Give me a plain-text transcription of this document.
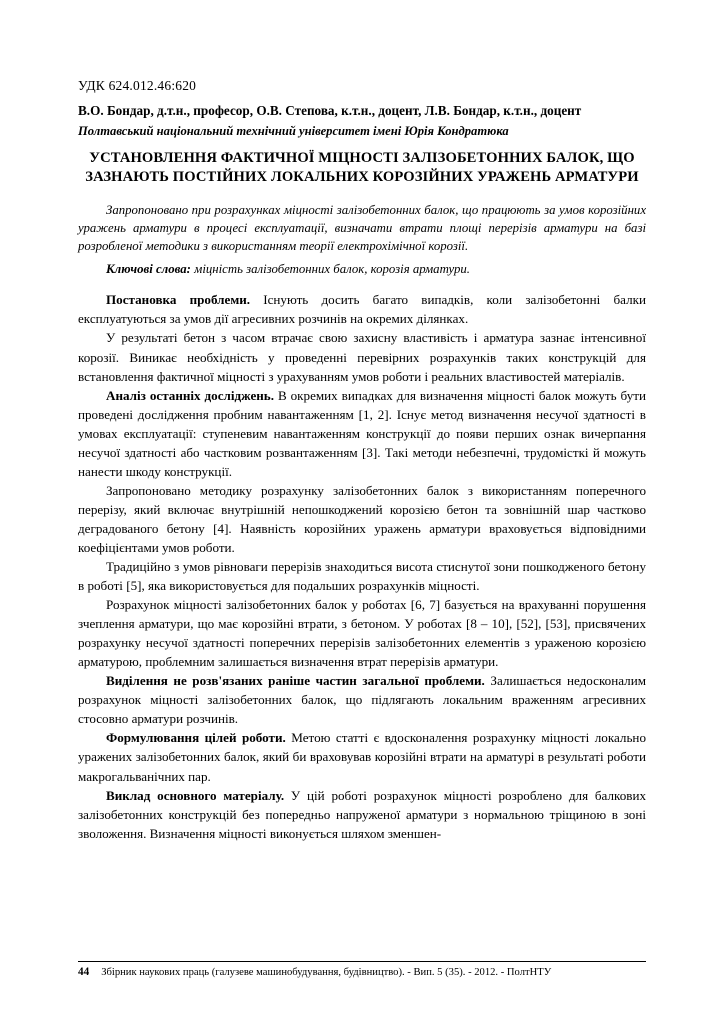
УДК 624.012.46:620
В.О. Бондар, д.т.н., професор, О.В. Степова, к.т.н., доцент, Л.В. Бондар, к.т.н., доцент
Полтавський національний технічний університет імені Юрія Кондратюка
УСТАНОВЛЕННЯ ФАКТИЧНОЇ МІЦНОСТІ ЗАЛІЗОБЕТОННИХ БАЛОК, ЩО ЗАЗНАЮТЬ ПОСТІЙНИХ ЛОКАЛЬНИХ КОРОЗІЙНИХ УРАЖЕНЬ АРМАТУРИ
Запропоновано при розрахунках міцності залізобетонних балок, що працюють за умов корозійних уражень арматури в процесі експлуатації, визначати втрати площі перерізів арматури на базі розробленої методики з використанням теорії електрохімічної корозії.
Ключові слова: міцність залізобетонних балок, корозія арматури.

Постановка проблеми. Існують досить багато випадків, коли залізобетонні балки експлуатуються за умов дії агресивних розчинів на окремих ділянках.

У результаті бетон з часом втрачає свою захисну властивість і арматура зазнає інтенсивної корозії. Виникає необхідність у проведенні перевірних розрахунків таких конструкцій для встановлення фактичної міцності з урахуванням умов роботи і реальних властивостей матеріалів.

Аналіз останніх досліджень. В окремих випадках для визначення міцності балок можуть бути проведені дослідження пробним навантаженням [1, 2]. Існує метод визначення несучої здатності в умовах експлуатації: ступеневим навантаженням конструкції до появи перших ознак вичерпання несучої здатності або частковим розвантаженням [3]. Такі методи небезпечні, трудомісткі й можуть нанести шкоду конструкції.

Запропоновано методику розрахунку залізобетонних балок з використанням поперечного перерізу, який включає внутрішній непошкоджений корозією бетон та зовнішній шар частково деградованого бетону [4]. Наявність корозійних уражень арматури враховується відповідними коефіцієнтами умов роботи.

Традиційно з умов рівноваги перерізів знаходиться висота стиснутої зони пошкодженого бетону в роботі [5], яка використовується для подальших розрахунків міцності.

Розрахунок міцності залізобетонних балок у роботах [6, 7] базується на врахуванні порушення зчеплення арматури, що має корозійні втрати, з бетоном. У роботах [8 – 10], [52], [53], присвячених розрахунку несучої здатності поперечних перерізів залізобетонних елементів з ураженою корозією арматурою, проблемним залишається визначення втрат перерізів арматури.

Виділення не розв'язаних раніше частин загальної проблеми. Залишається недосконалим розрахунок міцності залізобетонних балок, що підлягають локальним враженням агресивних стосовно арматури розчинів.

Формулювання цілей роботи. Метою статті є вдосконалення розрахунку міцності локально уражених залізобетонних балок, який би враховував корозійні втрати на арматурі в результаті роботи макрогальванічних пар.

Виклад основного матеріалу. У цій роботі розрахунок міцності розроблено для балкових залізобетонних конструкцій без попередньо напруженої арматури з нормальною тріщиною в зоні зволоження. Визначення міцності виконується шляхом зменшен-

44 Збірник наукових праць (галузеве машинобудування, будівництво). - Вип. 5 (35). - 2012. - ПолтНТУ
